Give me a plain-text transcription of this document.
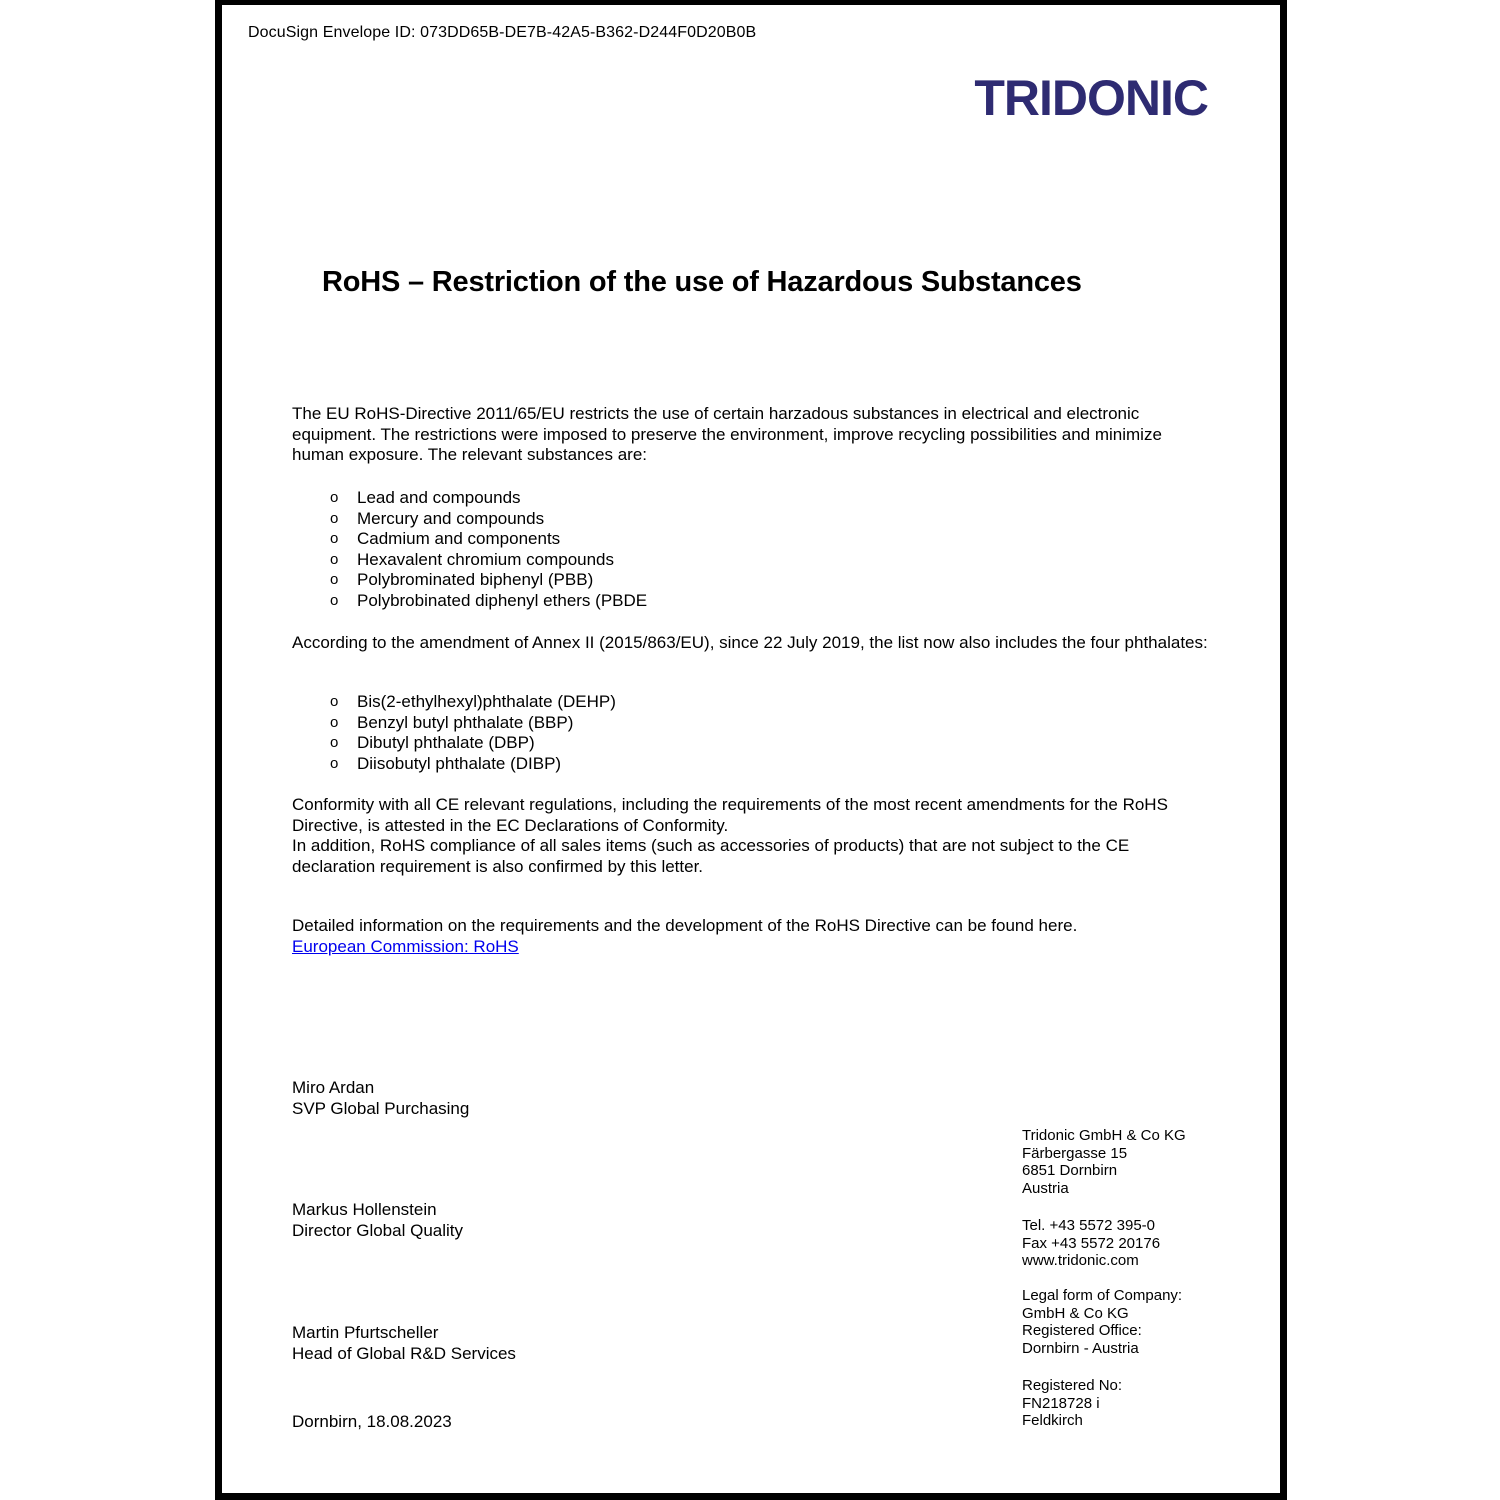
DocuSign Envelope ID: 073DD65B-DE7B-42A5-B362-D244F0D20B0B
TRIDONIC
RoHS – Restriction of the use of Hazardous Substances
The EU RoHS-Directive 2011/65/EU restricts the use of certain harzadous substances in electrical and electronic equipment. The restrictions were imposed to preserve the environment, improve recycling possibilities and minimize human exposure. The relevant substances are:
o Lead and compounds
o Mercury and compounds
o Cadmium and components
o Hexavalent chromium compounds
o Polybrominated biphenyl (PBB)
o Polybrobinated diphenyl ethers (PBDE
According to the amendment of Annex II (2015/863/EU), since 22 July 2019, the list now also includes the four phthalates:
o Bis(2-ethylhexyl)phthalate (DEHP)
o Benzyl butyl phthalate (BBP)
o Dibutyl phthalate (DBP)
o Diisobutyl phthalate (DIBP)
Conformity with all CE relevant regulations, including the requirements of the most recent amendments for the RoHS Directive, is attested in the EC Declarations of Conformity.
In addition, RoHS compliance of all sales items (such as accessories of products) that are not subject to the CE declaration requirement is also confirmed by this letter.
Detailed information on the requirements and the development of the RoHS Directive can be found here.
European Commission: RoHS
Miro Ardan
SVP Global Purchasing
Markus Hollenstein
Director Global Quality
Martin Pfurtscheller
Head of Global R&D Services
Dornbirn, 18.08.2023
Tridonic GmbH & Co KG
Färbergasse 15
6851 Dornbirn
Austria
Tel. +43 5572 395-0
Fax +43 5572 20176
www.tridonic.com
Legal form of Company:
GmbH & Co KG
Registered Office:
Dornbirn - Austria
Registered No:
FN218728 i
Feldkirch
